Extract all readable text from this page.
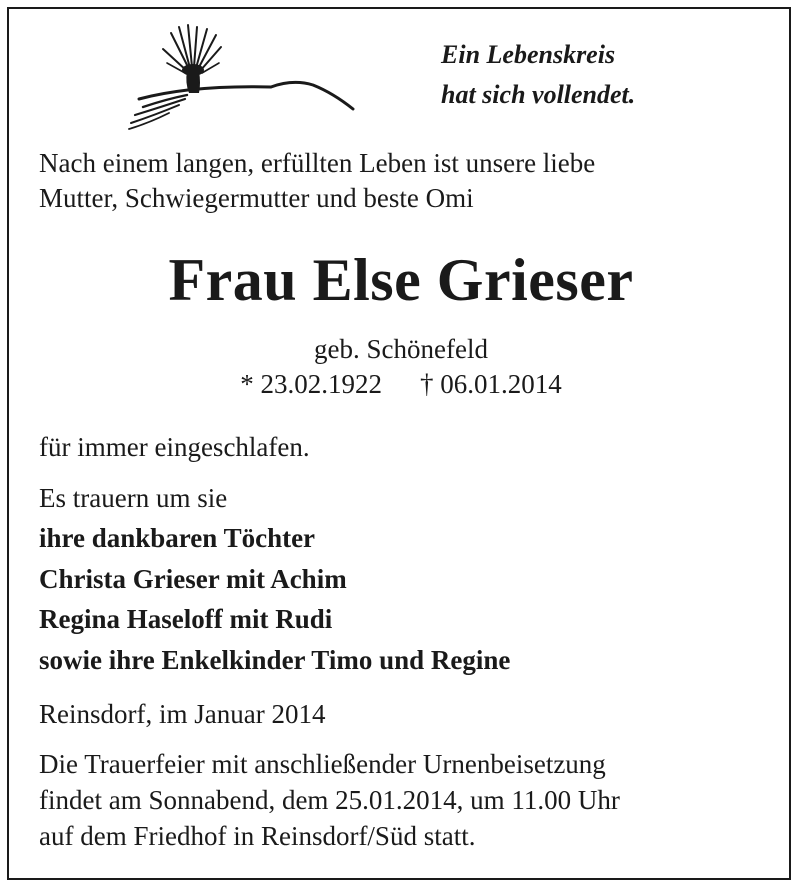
Ein Lebenskreis
hat sich vollendet.
Nach einem langen, erfüllten Leben ist unsere liebe
Mutter, Schwiegermutter und beste Omi
Frau Else Grieser
geb. Schönefeld
* 23.02.1922 † 06.01.2014
für immer eingeschlafen.
Es trauern um sie
ihre dankbaren Töchter
Christa Grieser mit Achim
Regina Haseloff mit Rudi
sowie ihre Enkelkinder Timo und Regine
Reinsdorf, im Januar 2014
Die Trauerfeier mit anschließender Urnenbeisetzung
findet am Sonnabend, dem 25.01.2014, um 11.00 Uhr
auf dem Friedhof in Reinsdorf/Süd statt.
